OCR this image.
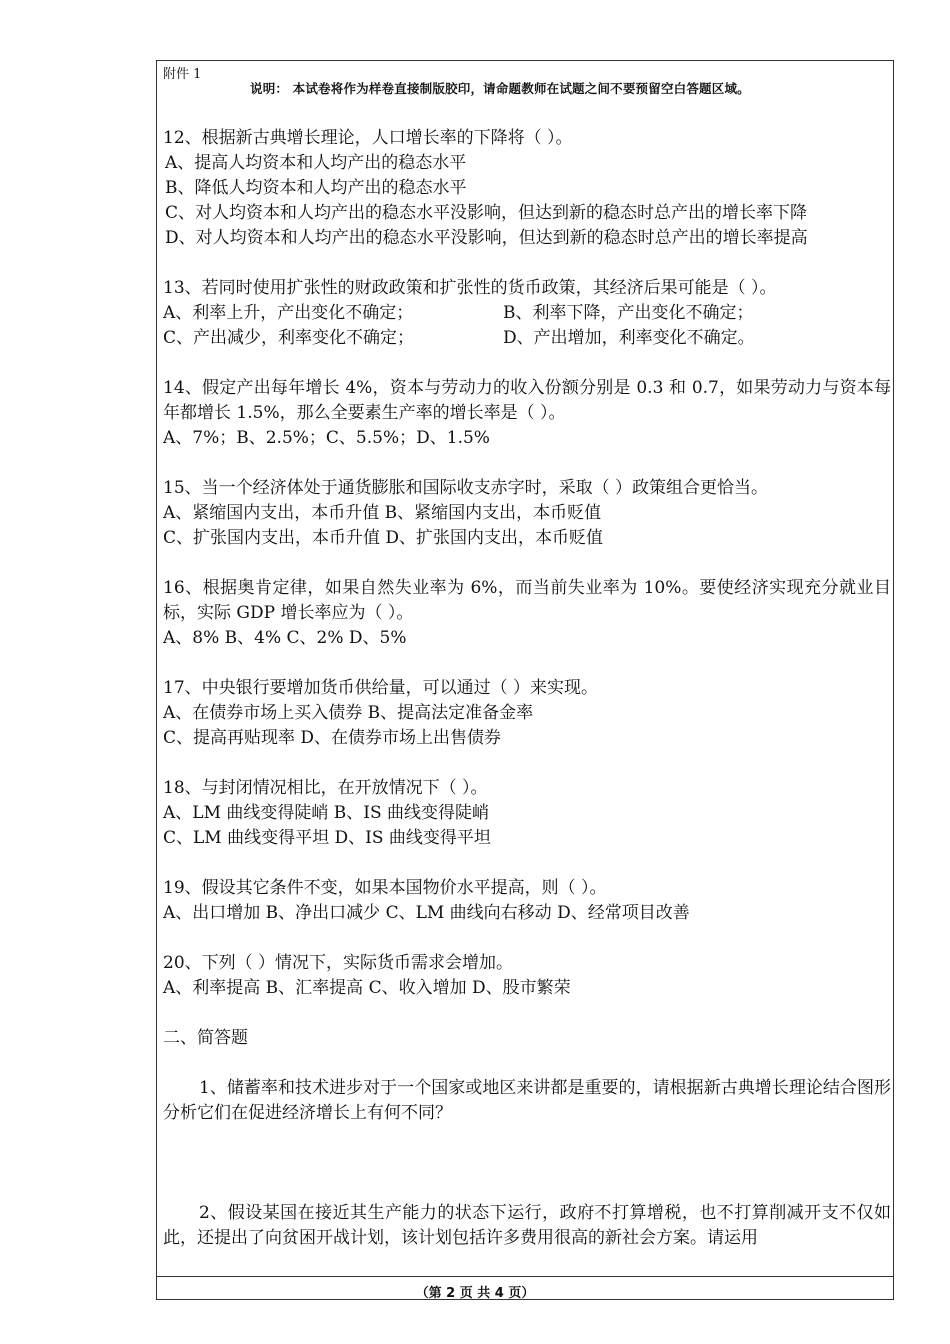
附件 1
说明： 本试卷将作为样卷直接制版胶印，请命题教师在试题之间不要预留空白答题区域。
12、根据新古典增长理论，人口增长率的下降将（ ）。
A、提高人均资本和人均产出的稳态水平
B、降低人均资本和人均产出的稳态水平
C、对人均资本和人均产出的稳态水平没影响，但达到新的稳态时总产出的增长率下降
D、对人均资本和人均产出的稳态水平没影响，但达到新的稳态时总产出的增长率提高
13、若同时使用扩张性的财政政策和扩张性的货币政策，其经济后果可能是（ ）。
A、利率上升，产出变化不确定；	B、利率下降，产出变化不确定；
C、产出减少，利率变化不确定；	D、产出增加，利率变化不确定。
14、假定产出每年增长 4%，资本与劳动力的收入份额分别是 0.3 和 0.7，如果劳动力与资本每年都增长 1.5%，那么全要素生产率的增长率是（ ）。
A、7%；B、2.5%；C、5.5%；D、1.5%
15、当一个经济体处于通货膨胀和国际收支赤字时，采取（ ）政策组合更恰当。
A、紧缩国内支出，本币升值 B、紧缩国内支出，本币贬值
C、扩张国内支出，本币升值 D、扩张国内支出，本币贬值
16、根据奥肯定律，如果自然失业率为 6%，而当前失业率为 10%。要使经济实现充分就业目标，实际 GDP 增长率应为（ ）。
A、8% B、4% C、2% D、5%
17、中央银行要增加货币供给量，可以通过（ ）来实现。
A、在债券市场上买入债券 B、提高法定准备金率
C、提高再贴现率 D、在债券市场上出售债券
18、与封闭情况相比，在开放情况下（ ）。
A、LM 曲线变得陡峭 B、IS 曲线变得陡峭
C、LM 曲线变得平坦 D、IS 曲线变得平坦
19、假设其它条件不变，如果本国物价水平提高，则（ ）。
A、出口增加 B、净出口减少 C、LM 曲线向右移动 D、经常项目改善
20、下列（ ）情况下，实际货币需求会增加。
A、利率提高 B、汇率提高 C、收入增加 D、股市繁荣
二、简答题
1、储蓄率和技术进步对于一个国家或地区来讲都是重要的，请根据新古典增长理论结合图形分析它们在促进经济增长上有何不同？
2、假设某国在接近其生产能力的状态下运行，政府不打算增税，也不打算削减开支不仅如此，还提出了向贫困开战计划，该计划包括许多费用很高的新社会方案。请运用
（第 2 页 共 4 页）
